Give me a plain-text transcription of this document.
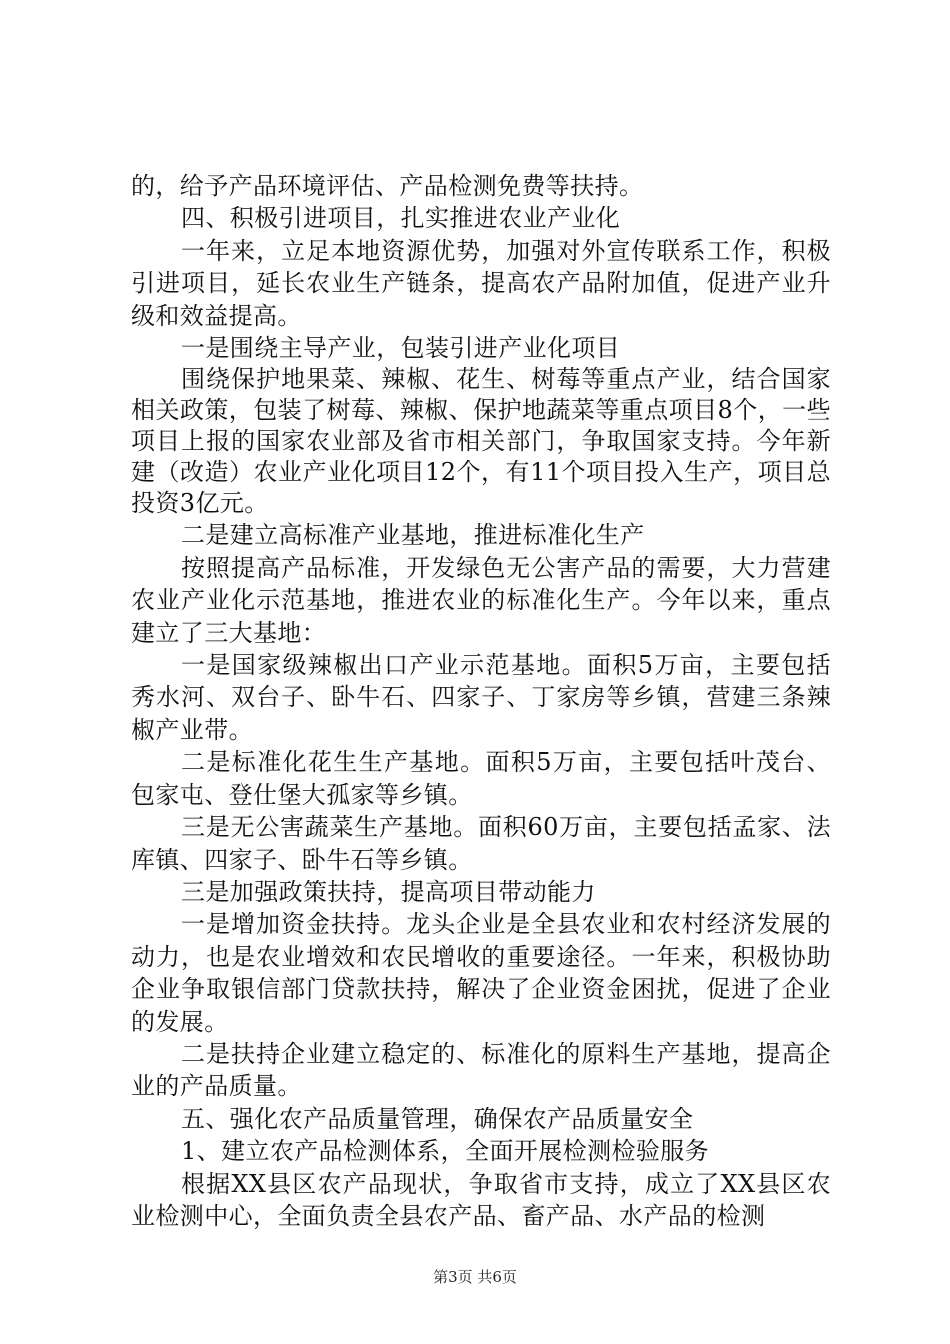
的，给予产品环境评估、产品检测免费等扶持。

四、积极引进项目，扎实推进农业产业化

一年来，立足本地资源优势，加强对外宣传联系工作，积极引进项目，延长农业生产链条，提高农产品附加值，促进产业升级和效益提高。

一是围绕主导产业，包装引进产业化项目

围绕保护地果菜、辣椒、花生、树莓等重点产业，结合国家相关政策，包装了树莓、辣椒、保护地蔬菜等重点项目8个，一些项目上报的国家农业部及省市相关部门，争取国家支持。今年新建（改造）农业产业化项目12个，有11个项目投入生产，项目总投资3亿元。

二是建立高标准产业基地，推进标准化生产

按照提高产品标准，开发绿色无公害产品的需要，大力营建农业产业化示范基地，推进农业的标准化生产。今年以来，重点建立了三大基地：

一是国家级辣椒出口产业示范基地。面积5万亩，主要包括秀水河、双台子、卧牛石、四家子、丁家房等乡镇，营建三条辣椒产业带。

二是标准化花生生产基地。面积5万亩，主要包括叶茂台、包家屯、登仕堡大孤家等乡镇。

三是无公害蔬菜生产基地。面积60万亩，主要包括孟家、法库镇、四家子、卧牛石等乡镇。

三是加强政策扶持，提高项目带动能力

一是增加资金扶持。龙头企业是全县农业和农村经济发展的动力，也是农业增效和农民增收的重要途径。一年来，积极协助企业争取银信部门贷款扶持，解决了企业资金困扰，促进了企业的发展。

二是扶持企业建立稳定的、标准化的原料生产基地，提高企业的产品质量。

五、强化农产品质量管理，确保农产品质量安全

1、建立农产品检测体系，全面开展检测检验服务

根据XX县区农产品现状，争取省市支持，成立了XX县区农业检测中心，全面负责全县农产品、畜产品、水产品的检测

第3页 共6页
